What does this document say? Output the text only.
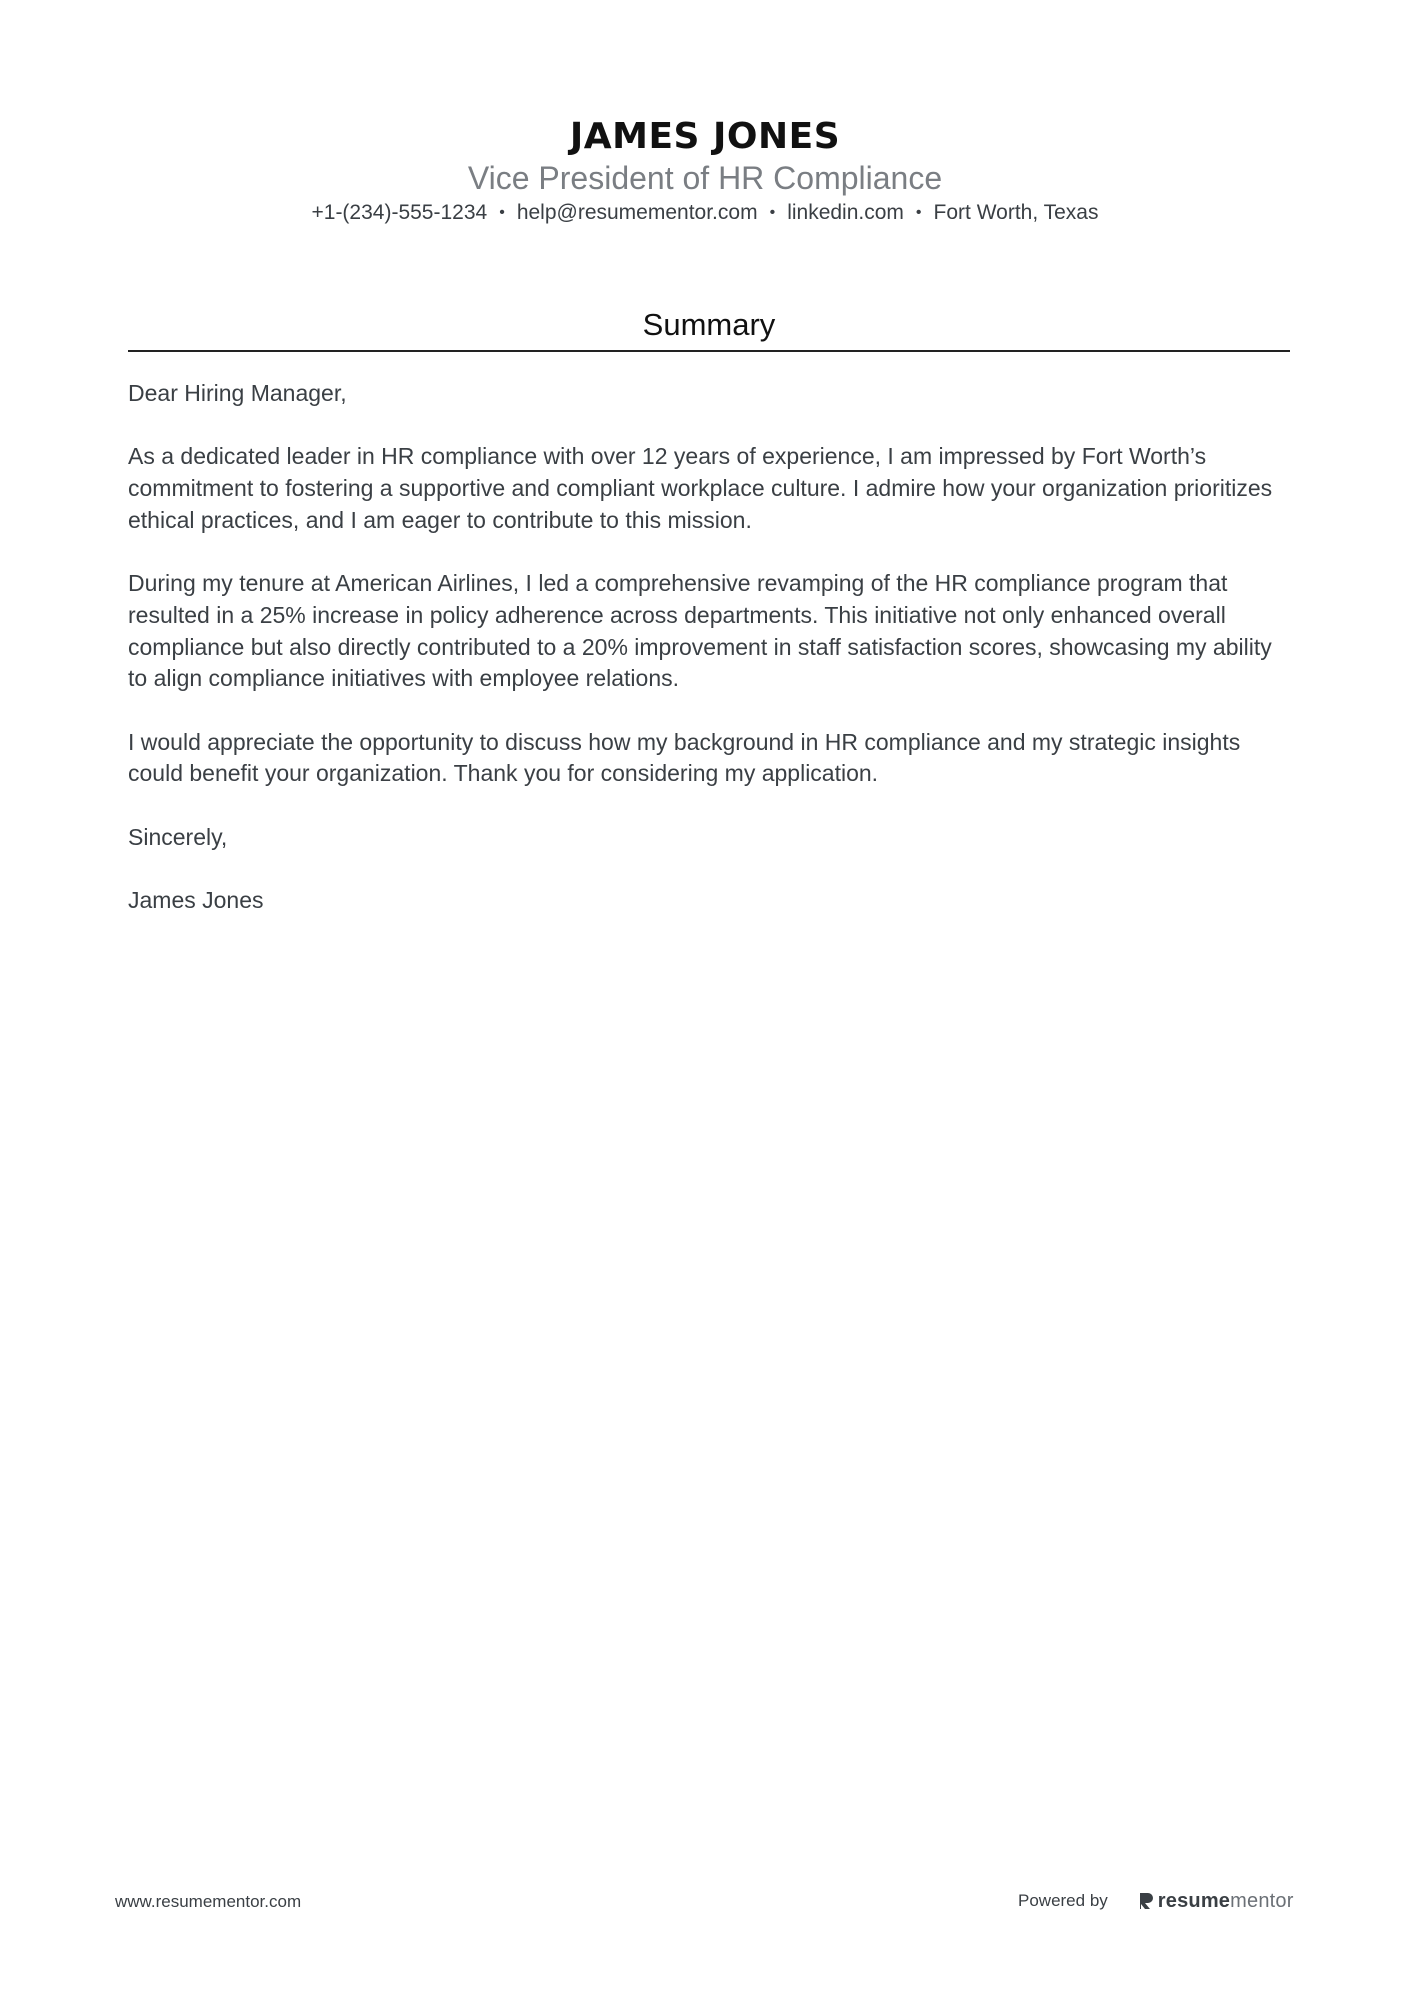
JAMES JONES
Vice President of HR Compliance
+1-(234)-555-1234 • help@resumementor.com • linkedin.com • Fort Worth, Texas
Summary

Dear Hiring Manager,

As a dedicated leader in HR compliance with over 12 years of experience, I am impressed by Fort Worth’s commitment to fostering a supportive and compliant workplace culture. I admire how your organization prioritizes ethical practices, and I am eager to contribute to this mission.

During my tenure at American Airlines, I led a comprehensive revamping of the HR compliance program that resulted in a 25% increase in policy adherence across departments. This initiative not only enhanced overall compliance but also directly contributed to a 20% improvement in staff satisfaction scores, showcasing my ability to align compliance initiatives with employee relations.

I would appreciate the opportunity to discuss how my background in HR compliance and my strategic insights could benefit your organization. Thank you for considering my application.

Sincerely,

James Jones

www.resumementor.com	Powered by	resumementor
